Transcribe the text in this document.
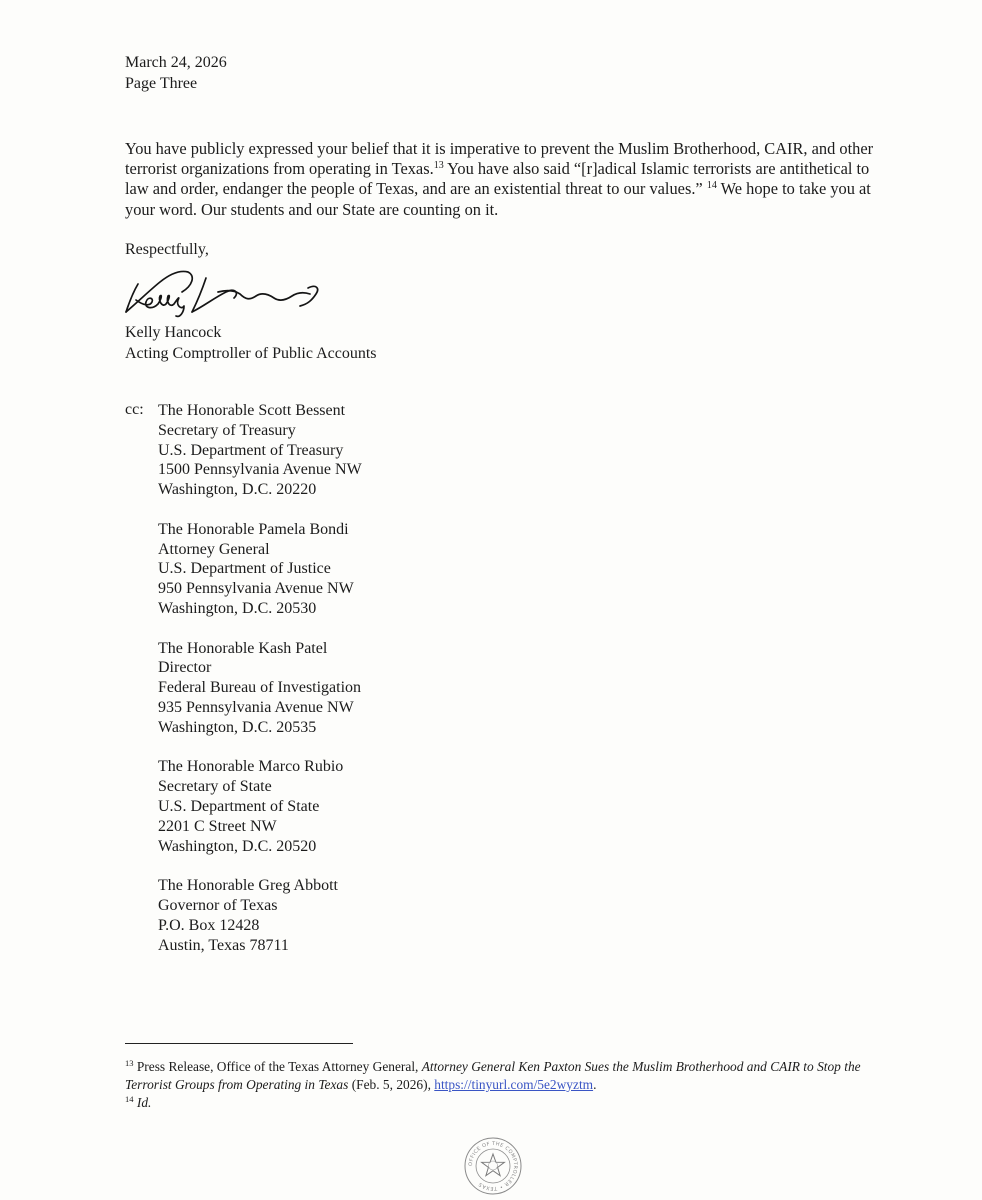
March 24, 2026
Page Three

You have publicly expressed your belief that it is imperative to prevent the Muslim Brotherhood, CAIR, and other terrorist organizations from operating in Texas.$^{13}$ You have also said “[r]adical Islamic terrorists are antithetical to law and order, endanger the people of Texas, and are an existential threat to our values.” $^{14}$ We hope to take you at your word. Our students and our State are counting on it.

Respectfully,
Kelly Hancock
Acting Comptroller of Public Accounts
cc: The Honorable Scott Bessent
Secretary of Treasury
U.S. Department of Treasury
1500 Pennsylvania Avenue NW
Washington, D.C. 20220
The Honorable Pamela Bondi
Attorney General
U.S. Department of Justice
950 Pennsylvania Avenue NW
Washington, D.C. 20530
The Honorable Kash Patel
Director
Federal Bureau of Investigation
935 Pennsylvania Avenue NW
Washington, D.C. 20535
The Honorable Marco Rubio
Secretary of State
U.S. Department of State
2201 C Street NW
Washington, D.C. 20520
The Honorable Greg Abbott
Governor of Texas
P.O. Box 12428
Austin, Texas 78711
$^{13}$ Press Release, Office of the Texas Attorney General, Attorney General Ken Paxton Sues the Muslim Brotherhood and CAIR to Stop the Terrorist Groups from Operating in Texas (Feb. 5, 2026), https://tinyurl.com/5e2wyztm.
$^{14}$ Id.
OFFICE OF THE COMPTROLLER • TEXAS
